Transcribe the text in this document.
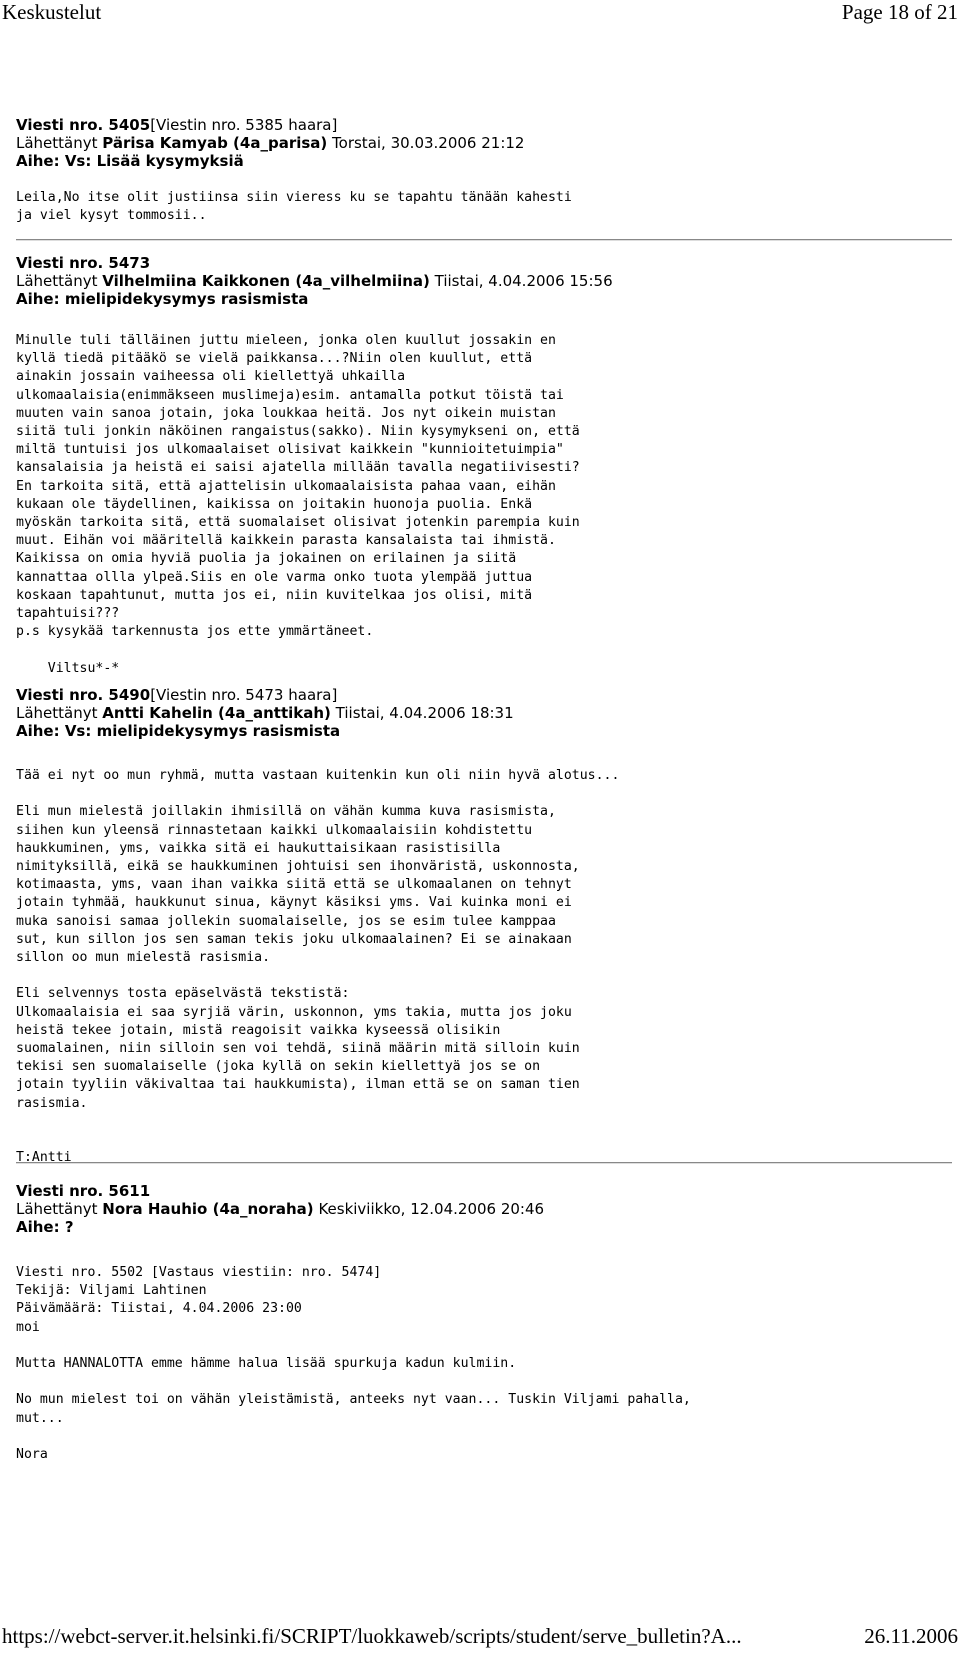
Keskustelut	Page 18 of 21
Viesti nro. 5405[Viestin nro. 5385 haara]
Lähettänyt Pärisa Kamyab (4a_parisa) Torstai, 30.03.2006 21:12
Aihe: Vs: Lisää kysymyksiä
Leila,No itse olit justiinsa siin vieress ku se tapahtu tänään kahesti
ja viel kysyt tommosii..
Viesti nro. 5473
Lähettänyt Vilhelmiina Kaikkonen (4a_vilhelmiina) Tiistai, 4.04.2006 15:56
Aihe: mielipidekysymys rasismista
Minulle tuli tälläinen juttu mieleen, jonka olen kuullut jossakin en
kyllä tiedä pitääkö se vielä paikkansa...?Niin olen kuullut, että
ainakin jossain vaiheessa oli kiellettyä uhkailla
ulkomaalaisia(enimmäkseen muslimeja)esim. antamalla potkut töistä tai
muuten vain sanoa jotain, joka loukkaa heitä. Jos nyt oikein muistan
siitä tuli jonkin näköinen rangaistus(sakko). Niin kysymykseni on, että
miltä tuntuisi jos ulkomaalaiset olisivat kaikkein "kunnioitetuimpia"
kansalaisia ja heistä ei saisi ajatella millään tavalla negatiivisesti?
En tarkoita sitä, että ajattelisin ulkomaalaisista pahaa vaan, eihän
kukaan ole täydellinen, kaikissa on joitakin huonoja puolia. Enkä
myöskän tarkoita sitä, että suomalaiset olisivat jotenkin parempia kuin
muut. Eihän voi määritellä kaikkein parasta kansalaista tai ihmistä.
Kaikissa on omia hyviä puolia ja jokainen on erilainen ja siitä
kannattaa ollla ylpeä.Siis en ole varma onko tuota ylempää juttua
koskaan tapahtunut, mutta jos ei, niin kuvitelkaa jos olisi, mitä
tapahtuisi???
p.s kysykää tarkennusta jos ette ymmärtäneet.

Viltsu*-*
Viesti nro. 5490[Viestin nro. 5473 haara]
Lähettänyt Antti Kahelin (4a_anttikah) Tiistai, 4.04.2006 18:31
Aihe: Vs: mielipidekysymys rasismista
Tää ei nyt oo mun ryhmä, mutta vastaan kuitenkin kun oli niin hyvä alotus...

Eli mun mielestä joillakin ihmisillä on vähän kumma kuva rasismista,
siihen kun yleensä rinnastetaan kaikki ulkomaalaisiin kohdistettu
haukkuminen, yms, vaikka sitä ei haukuttaisikaan rasistisilla
nimityksillä, eikä se haukkuminen johtuisi sen ihonväristä, uskonnosta,
kotimaasta, yms, vaan ihan vaikka siitä että se ulkomaalanen on tehnyt
jotain tyhmää, haukkunut sinua, käynyt käsiksi yms. Vai kuinka moni ei
muka sanoisi samaa jollekin suomalaiselle, jos se esim tulee kamppaa
sut, kun sillon jos sen saman tekis joku ulkomaalainen? Ei se ainakaan
sillon oo mun mielestä rasismia.

Eli selvennys tosta epäselvästä tekstistä:
Ulkomaalaisia ei saa syrjiä värin, uskonnon, yms takia, mutta jos joku
heistä tekee jotain, mistä reagoisit vaikka kyseessä olisikin
suomalainen, niin silloin sen voi tehdä, siinä määrin mitä silloin kuin
tekisi sen suomalaiselle (joka kyllä on sekin kiellettyä jos se on
jotain tyyliin väkivaltaa tai haukkumista), ilman että se on saman tien
rasismia.

T:Antti
Viesti nro. 5611
Lähettänyt Nora Hauhio (4a_noraha) Keskiviikko, 12.04.2006 20:46
Aihe: ?
Viesti nro. 5502 [Vastaus viestiin: nro. 5474]
Tekijä: Viljami Lahtinen
Päivämäärä: Tiistai, 4.04.2006 23:00
moi

Mutta HANNALOTTA emme hämme halua lisää spurkuja kadun kulmiin.

No mun mielest toi on vähän yleistämistä, anteeks nyt vaan... Tuskin Viljami pahalla,
mut...

Nora
https://webct-server.it.helsinki.fi/SCRIPT/luokkaweb/scripts/student/serve_bulletin?A...	26.11.2006
